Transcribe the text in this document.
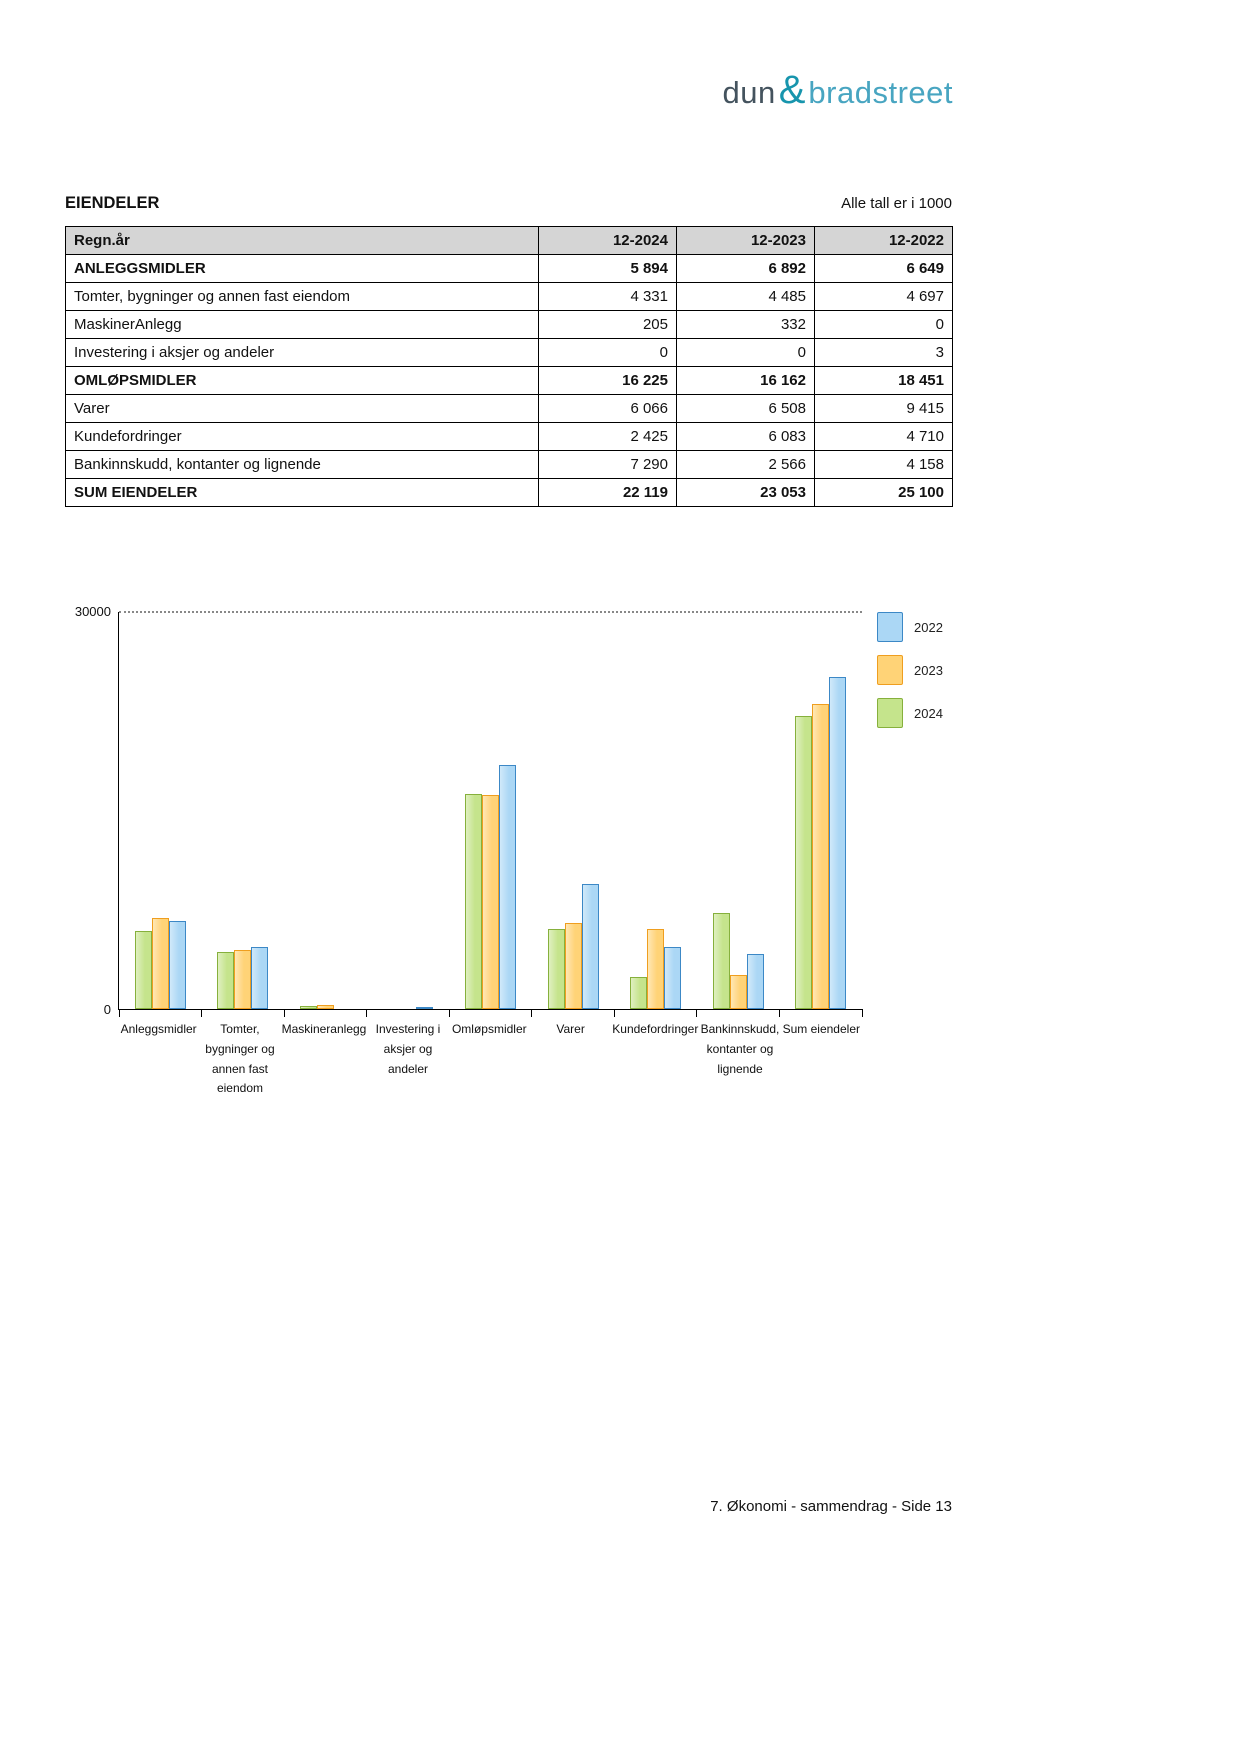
dun & bradstreet
EIENDELER	Alle tall er i 1000
Regn.år	12-2024	12-2023	12-2022
ANLEGGSMIDLER	5 894	6 892	6 649
Tomter, bygninger og annen fast eiendom	4 331	4 485	4 697
MaskinerAnlegg	205	332	0
Investering i aksjer og andeler	0	0	3
OMLØPSMIDLER	16 225	16 162	18 451
Varer	6 066	6 508	9 415
Kundefordringer	2 425	6 083	4 710
Bankinnskudd, kontanter og lignende	7 290	2 566	4 158
SUM EIENDELER	22 119	23 053	25 100
30000
0
Anleggsmidler	Tomter, bygninger og annen fast eiendom
Maskineranlegg Investering i aksjer og andeler
Omløpsmidler	Varer	Kundefordringer Bankinnskudd, kontanter og lignende
Sum eiendeler
2022
2023
2024
7. Økonomi - sammendrag - Side 13
